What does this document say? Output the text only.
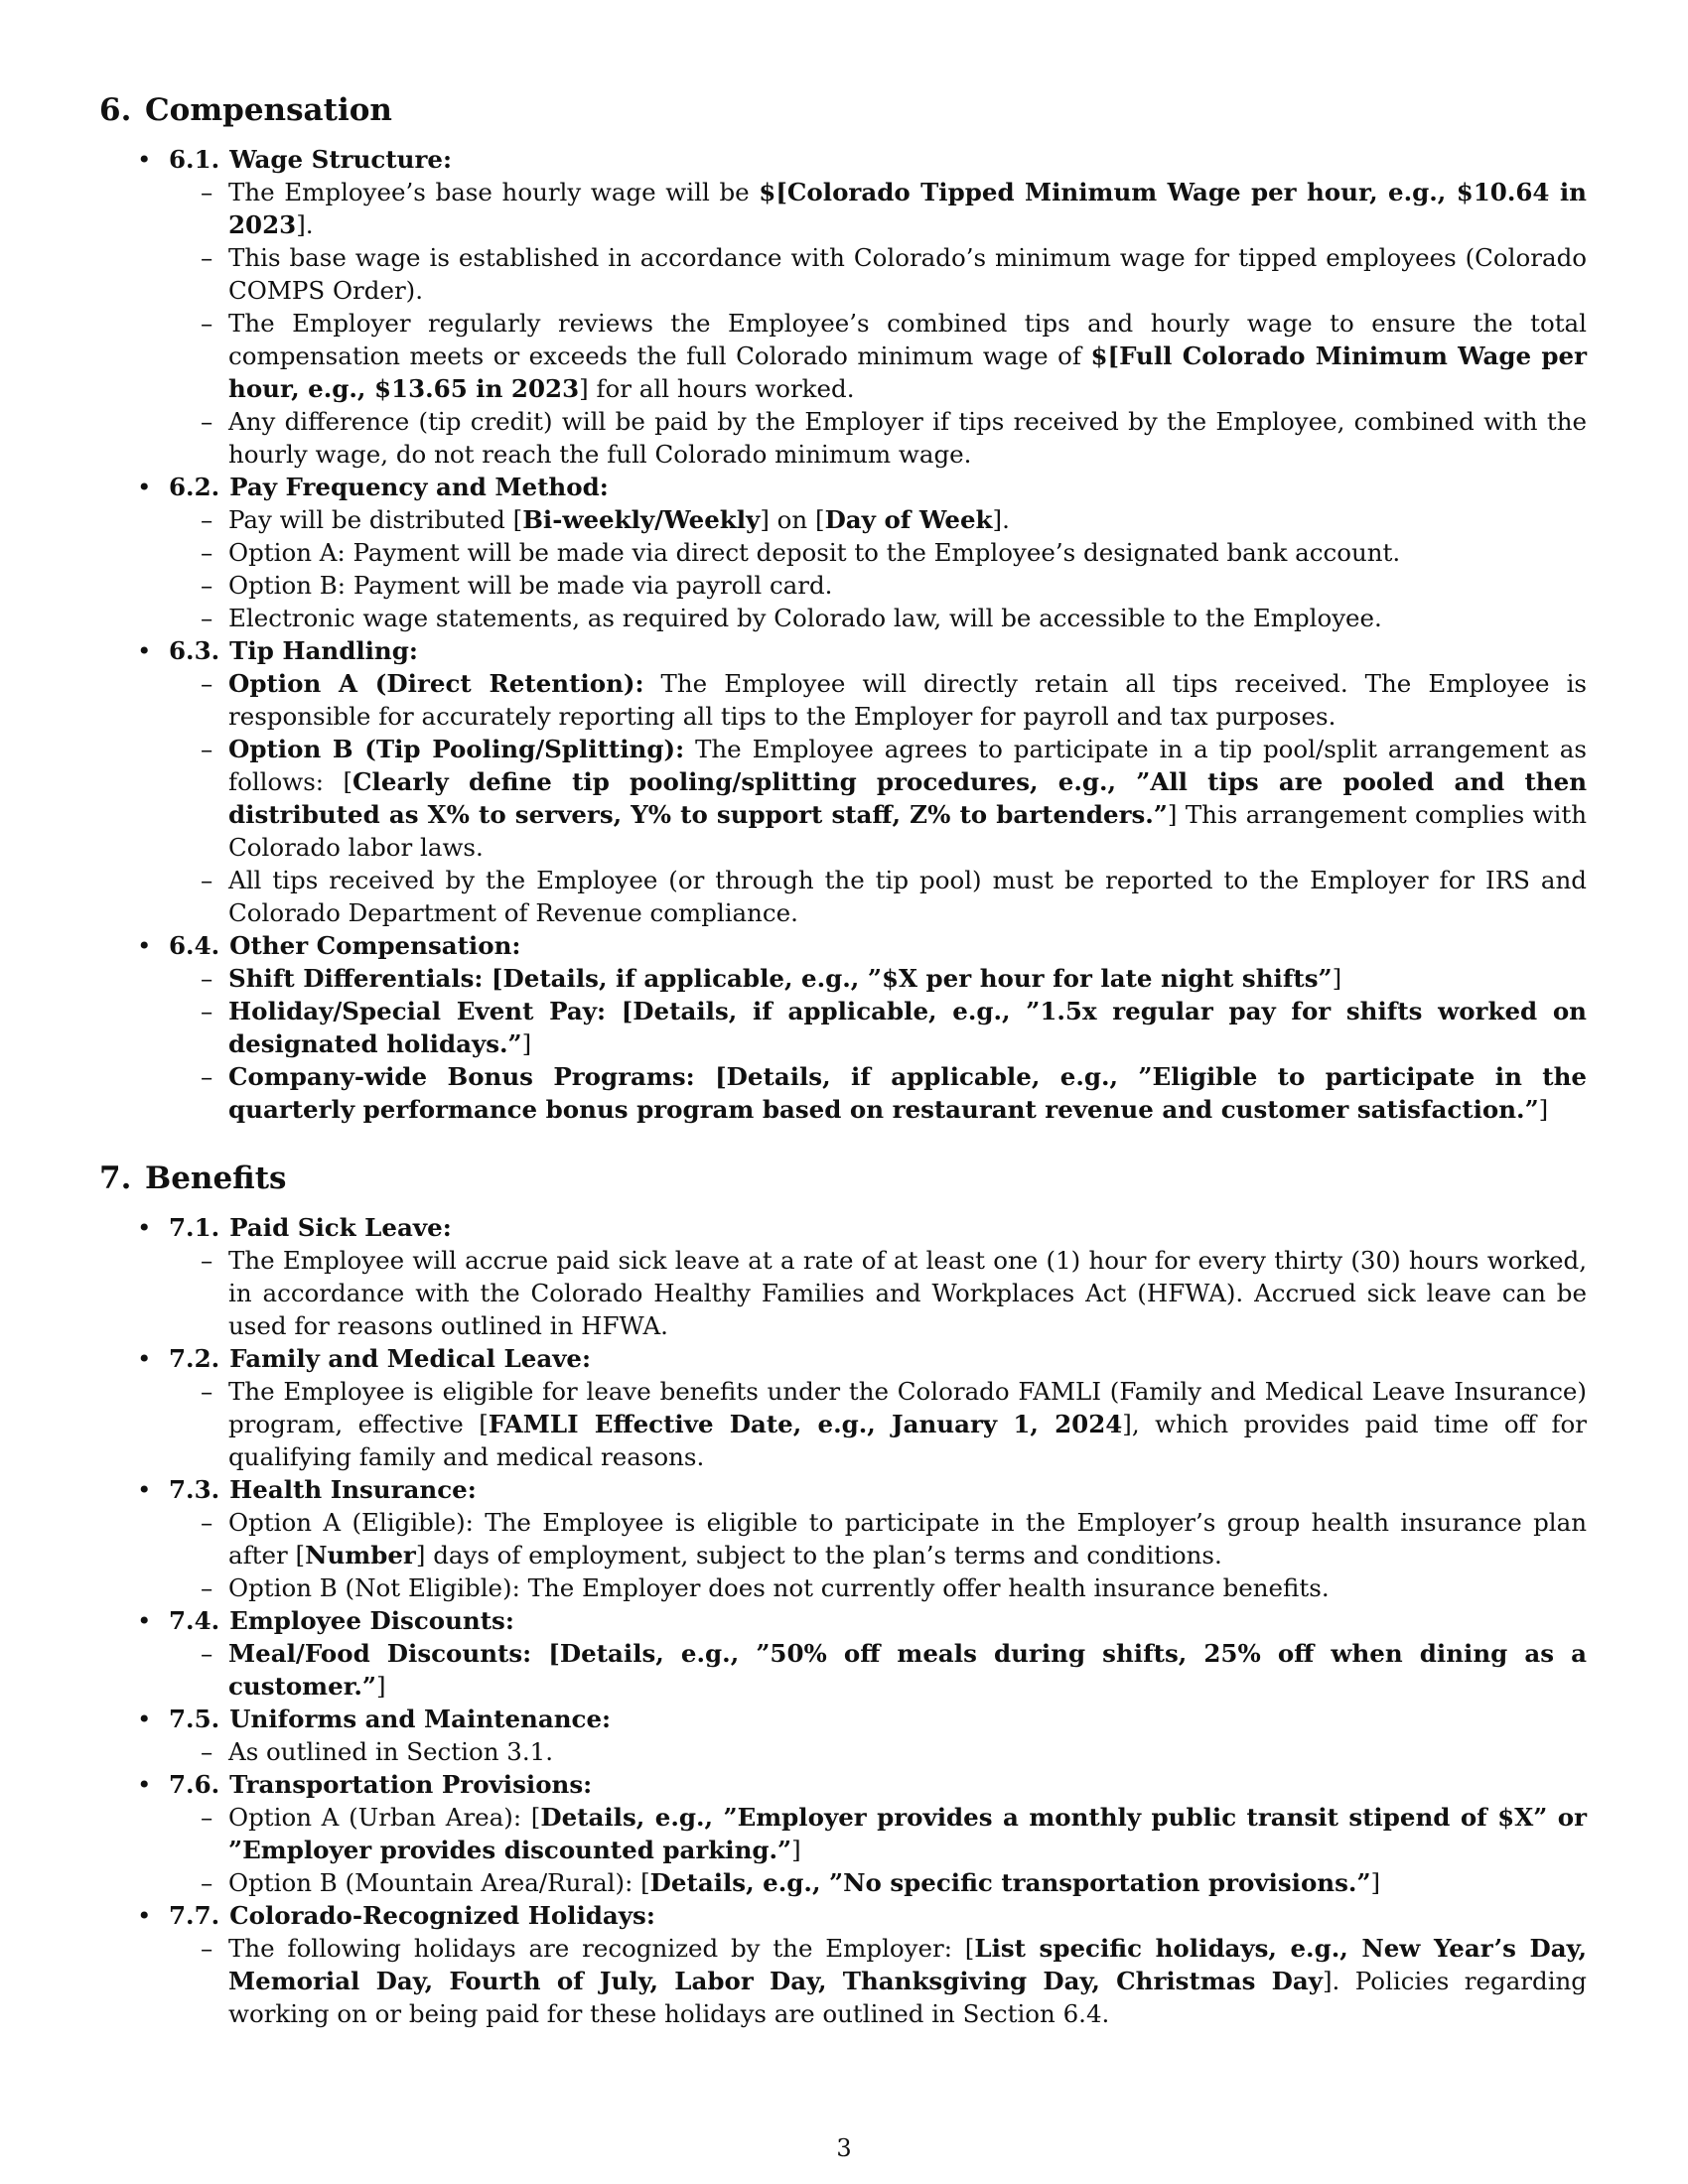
6. Compensation
• 6.1. Wage Structure:
– The Employee’s base hourly wage will be $[Colorado Tipped Minimum Wage per hour, e.g., $10.64 in 2023].
– This base wage is established in accordance with Colorado’s minimum wage for tipped employees (Colorado COMPS Order).
– The Employer regularly reviews the Employee’s combined tips and hourly wage to ensure the total compensation meets or exceeds the full Colorado minimum wage of $[Full Colorado Minimum Wage per hour, e.g., $13.65 in 2023] for all hours worked.
– Any difference (tip credit) will be paid by the Employer if tips received by the Employee, combined with the hourly wage, do not reach the full Colorado minimum wage.
• 6.2. Pay Frequency and Method:
– Pay will be distributed [Bi-weekly/Weekly] on [Day of Week].
– Option A: Payment will be made via direct deposit to the Employee’s designated bank account.
– Option B: Payment will be made via payroll card.
– Electronic wage statements, as required by Colorado law, will be accessible to the Employee.
• 6.3. Tip Handling:
– Option A (Direct Retention): The Employee will directly retain all tips received. The Employee is responsible for accurately reporting all tips to the Employer for payroll and tax purposes.
– Option B (Tip Pooling/Splitting): The Employee agrees to participate in a tip pool/split arrangement as follows: [Clearly define tip pooling/splitting procedures, e.g., ”All tips are pooled and then distributed as X% to servers, Y% to support staff, Z% to bartenders.”] This arrangement complies with Colorado labor laws.
– All tips received by the Employee (or through the tip pool) must be reported to the Employer for IRS and Colorado Department of Revenue compliance.
• 6.4. Other Compensation:
– Shift Differentials: [Details, if applicable, e.g., ”$X per hour for late night shifts”]
– Holiday/Special Event Pay: [Details, if applicable, e.g., ”1.5x regular pay for shifts worked on designated holidays.”]
– Company-wide Bonus Programs: [Details, if applicable, e.g., ”Eligible to participate in the quarterly performance bonus program based on restaurant revenue and customer satisfaction.”]
7. Benefits
• 7.1. Paid Sick Leave:
– The Employee will accrue paid sick leave at a rate of at least one (1) hour for every thirty (30) hours worked, in accordance with the Colorado Healthy Families and Workplaces Act (HFWA). Accrued sick leave can be used for reasons outlined in HFWA.
• 7.2. Family and Medical Leave:
– The Employee is eligible for leave benefits under the Colorado FAMLI (Family and Medical Leave Insurance) program, effective [FAMLI Effective Date, e.g., January 1, 2024], which provides paid time off for qualifying family and medical reasons.
• 7.3. Health Insurance:
– Option A (Eligible): The Employee is eligible to participate in the Employer’s group health insurance plan after [Number] days of employment, subject to the plan’s terms and conditions.
– Option B (Not Eligible): The Employer does not currently offer health insurance benefits.
• 7.4. Employee Discounts:
– Meal/Food Discounts: [Details, e.g., ”50% off meals during shifts, 25% off when dining as a customer.”]
• 7.5. Uniforms and Maintenance:
– As outlined in Section 3.1.
• 7.6. Transportation Provisions:
– Option A (Urban Area): [Details, e.g., ”Employer provides a monthly public transit stipend of $X” or ”Employer provides discounted parking.”]
– Option B (Mountain Area/Rural): [Details, e.g., ”No specific transportation provisions.”]
• 7.7. Colorado-Recognized Holidays:
– The following holidays are recognized by the Employer: [List specific holidays, e.g., New Year’s Day, Memorial Day, Fourth of July, Labor Day, Thanksgiving Day, Christmas Day]. Policies regarding working on or being paid for these holidays are outlined in Section 6.4.
3
